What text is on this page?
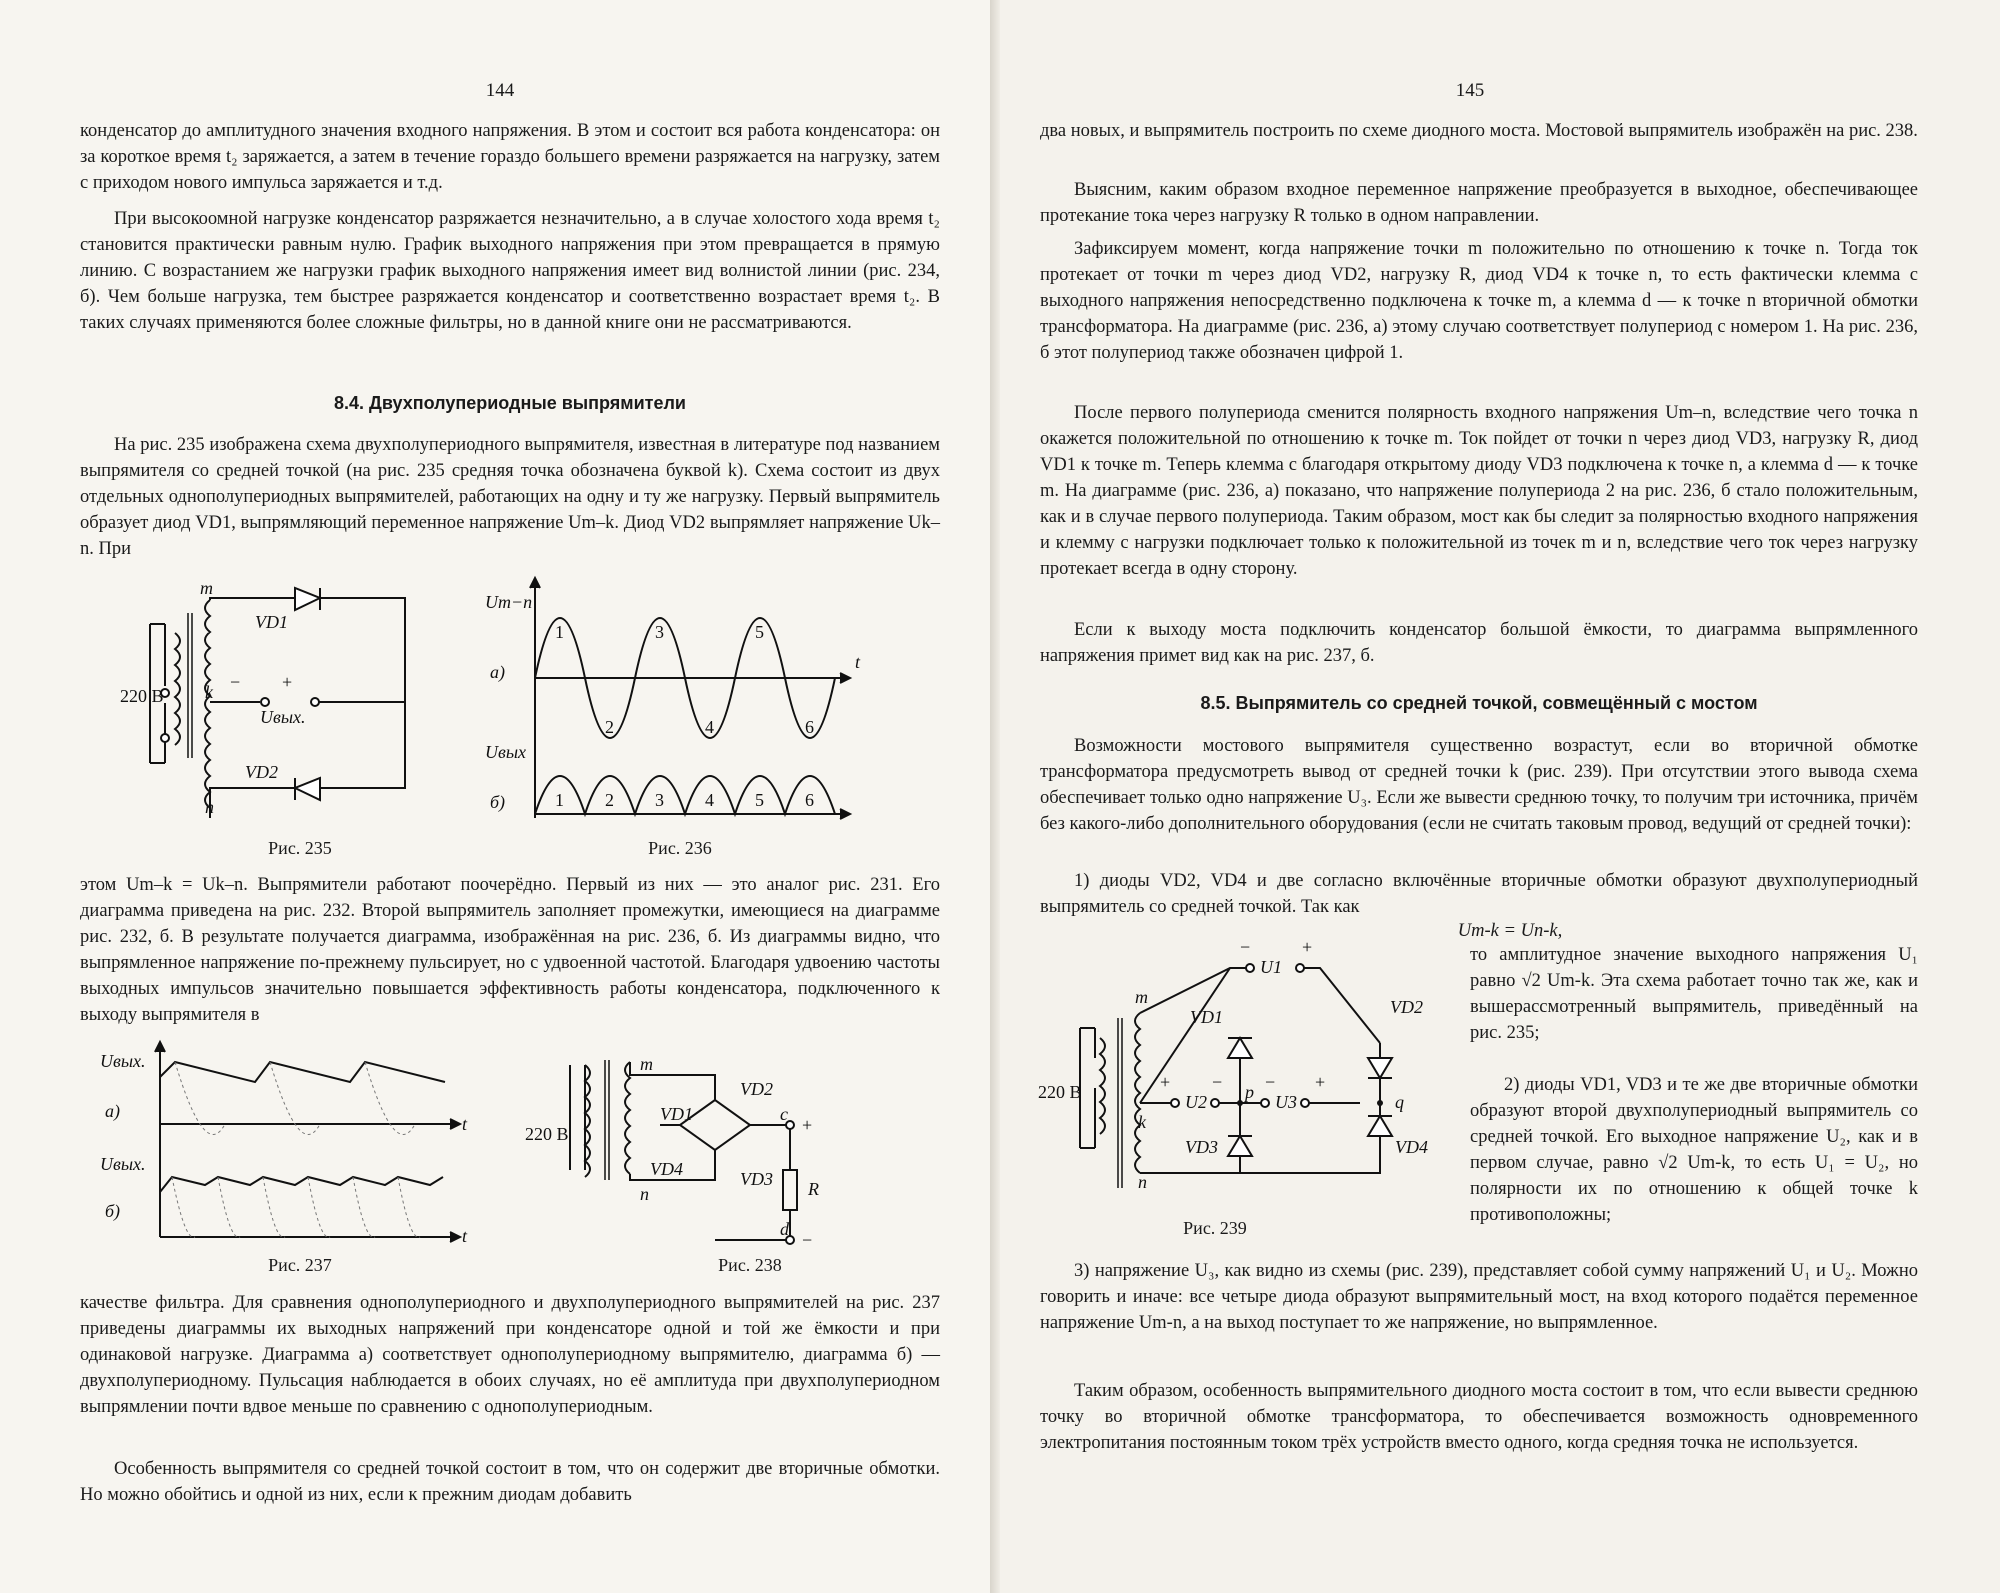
144

конденсатор до амплитудного значения входного напряжения. В этом и состоит вся работа конденсатора: он за короткое время t₂ заряжается, а затем в течение гораздо большего времени разряжается на нагрузку, затем с приходом нового импульса заряжается и т.д.

При высокоомной нагрузке конденсатор разряжается незначительно, а в случае холостого хода время t₂ становится практически равным нулю. График выходного напряжения при этом превращается в прямую линию. С возрастанием же нагрузки график выходного напряжения имеет вид волнистой линии (рис. 234, б). Чем больше нагрузка, тем быстрее разряжается конденсатор и соответственно возрастает время t₂. В таких случаях применяются более сложные фильтры, но в данной книге они не рассматриваются.

8.4. Двухполупериодные выпрямители

На рис. 235 изображена схема двухполупериодного выпрямителя, известная в литературе под названием выпрямителя со средней точкой (на рис. 235 средняя точка обозначена буквой k). Схема состоит из двух отдельных однополупериодных выпрямителей, работающих на одну и ту же нагрузку. Первый выпрямитель образует диод VD1, выпрямляющий переменное напряжение Um–k. Диод VD2 выпрямляет напряжение Uk–n. При

220 В
m
k
n
VD1
VD2
− +
Uвых.
Рис. 235
Um−n
а)	t
Uвых
б)
1
2
3
4
5
6
1 2 3 4 5 6
Рис. 236

этом Um–k = Uk–n. Выпрямители работают поочерёдно. Первый из них — это аналог рис. 231. Его диаграмма приведена на рис. 232. Второй выпрямитель заполняет промежутки, имеющиеся на диаграмме рис. 232, б. В результате получается диаграмма, изображённая на рис. 236, б. Из диаграммы видно, что выпрямленное напряжение по-прежнему пульсирует, но с удвоенной частотой. Благодаря удвоению частоты выходных импульсов значительно повышается эффективность работы конденсатора, подключенного к выходу выпрямителя в

Uвых.
а)
t
Uвых.
б)
t
Рис. 237
220 В
m
n
VD1
VD2
VD3
VD4
c
d
R
+
−
Рис. 238

качестве фильтра. Для сравнения однополупериодного и двухполупериодного выпрямителей на рис. 237 приведены диаграммы их выходных напряжений при конденсаторе одной и той же ёмкости и при одинаковой нагрузке. Диаграмма а) соответствует однополупериодному выпрямителю, диаграмма б) — двухполупериодному. Пульсация наблюдается в обоих случаях, но её амплитуда при двухполупериодном выпрямлении почти вдвое меньше по сравнению с однополупериодным.

Особенность выпрямителя со средней точкой состоит в том, что он содержит две вторичные обмотки. Но можно обойтись и одной из них, если к прежним диодам добавить

145

два новых, и выпрямитель построить по схеме диодного моста. Мостовой выпрямитель изображён на рис. 238.

Выясним, каким образом входное переменное напряжение преобразуется в выходное, обеспечивающее протекание тока через нагрузку R только в одном направлении.

Зафиксируем момент, когда напряжение точки m положительно по отношению к точке n. Тогда ток протекает от точки m через диод VD2, нагрузку R, диод VD4 к точке n, то есть фактически клемма c выходного напряжения непосредственно подключена к точке m, а клемма d — к точке n вторичной обмотки трансформатора. На диаграмме (рис. 236, а) этому случаю соответствует полупериод с номером 1. На рис. 236, б этот полупериод также обозначен цифрой 1.

После первого полупериода сменится полярность входного напряжения Um–n, вследствие чего точка n окажется положительной по отношению к точке m. Ток пойдет от точки n через диод VD3, нагрузку R, диод VD1 к точке m. Теперь клемма c благодаря открытому диоду VD3 подключена к точке n, а клемма d — к точке m. На диаграмме (рис. 236, а) показано, что напряжение полупериода 2 на рис. 236, б стало положительным, как и в случае первого полупериода. Таким образом, мост как бы следит за полярностью входного напряжения и клемму c нагрузки подключает только к положительной из точек m и n, вследствие чего ток через нагрузку протекает всегда в одну сторону.

Если к выходу моста подключить конденсатор большой ёмкости, то диаграмма выпрямленного напряжения примет вид как на рис. 237, б.

8.5. Выпрямитель со средней точкой, совмещённый с мостом

Возможности мостового выпрямителя существенно возрастут, если во вторичной обмотке трансформатора предусмотреть вывод от средней точки k (рис. 239). При отсутствии этого вывода схема обеспечивает только одно напряжение U₃. Если же вывести среднюю точку, то получим три источника, причём без какого-либо дополнительного оборудования (если не считать таковым провод, ведущий от средней точки):

1) диоды VD2, VD4 и две согласно включённые вторичные обмотки образуют двухполупериодный выпрямитель со средней точкой. Так как

Um-k = Un-k,
220 В
m
k
n
p	q
U1
U2	U3
VD1	VD2
VD3	VD4
−	+
+ − − +
Рис. 239

то амплитудное значение выходного напряжения U₁ равно √2 Um-k. Эта схема работает точно так же, как и вышерассмотренный выпрямитель, приведённый на рис. 235;

2) диоды VD1, VD3 и те же две вторичные обмотки образуют второй двухполупериодный выпрямитель со средней точкой. Его выходное напряжение U₂, как и в первом случае, равно √2 Um-k, то есть U₁ = U₂, но полярности их по отношению к общей точке k противоположны;

3) напряжение U₃, как видно из схемы (рис. 239), представляет собой сумму напряжений U₁ и U₂. Можно говорить и иначе: все четыре диода образуют выпрямительный мост, на вход которого подаётся переменное напряжение Um-n, а на выход поступает то же напряжение, но выпрямленное.

Таким образом, особенность выпрямительного диодного моста состоит в том, что если вывести среднюю точку во вторичной обмотке трансформатора, то обеспечивается возможность одновременного электропитания постоянным током трёх устройств вместо одного, когда средняя точка не используется.
